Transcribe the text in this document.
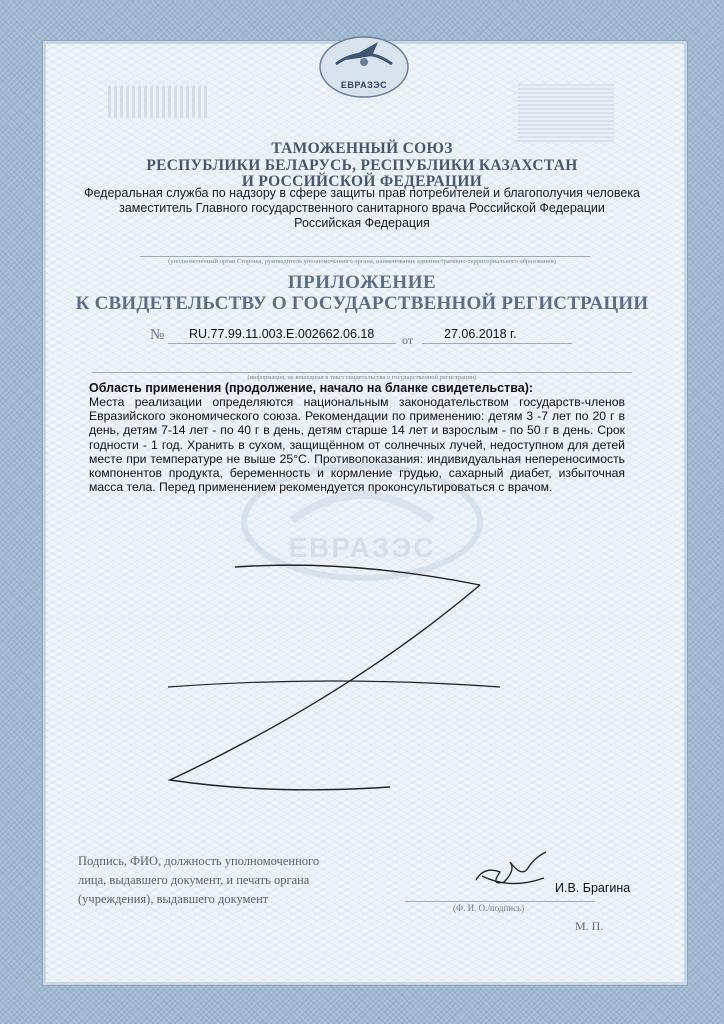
ЕВРАЗЭС
ТАМОЖЕННЫЙ СОЮЗ
РЕСПУБЛИКИ БЕЛАРУСЬ, РЕСПУБЛИКИ КАЗАХСТАН
И РОССИЙСКОЙ ФЕДЕРАЦИИ
Федеральная служба по надзору в сфере защиты прав потребителей и благополучия человека
заместитель Главного государственного санитарного врача Российской Федерации
Российская Федерация
(уполномоченный орган Стороны, руководитель уполномоченного органа, наименование административно-территориального образования)
ПРИЛОЖЕНИЕ
К СВИДЕТЕЛЬСТВУ О ГОСУДАРСТВЕННОЙ РЕГИСТРАЦИИ
№ RU.77.99.11.003.E.002662.06.18 от 27.06.2018 г.
(информация, не вошедшая в текст свидетельства о государственной регистрации)
ЕВРАЗЭС
Область применения (продолжение, начало на бланке свидетельства):

Места реализации определяются национальным законодательством государств-членов Евразийского экономического союза. Рекомендации по применению: детям 3 -7 лет по 20 г в день, детям 7-14 лет - по 40 г в день, детям старше 14 лет и взрослым - по 50 г в день. Срок годности - 1 год. Хранить в сухом, защищённом от солнечных лучей, недоступном для детей месте при температуре не выше 25°С. Противопоказания: индивидуальная непереносимость компонентов продукта, беременность и кормление грудью, сахарный диабет, избыточная масса тела. Перед применением рекомендуется проконсультироваться с врачом.

Подпись, ФИО, должность уполномоченного
лица, выдавшего документ, и печать органа
(учреждения), выдавшего документ
И.В. Брагина
(Ф. И. О./подпись)
М. П.
